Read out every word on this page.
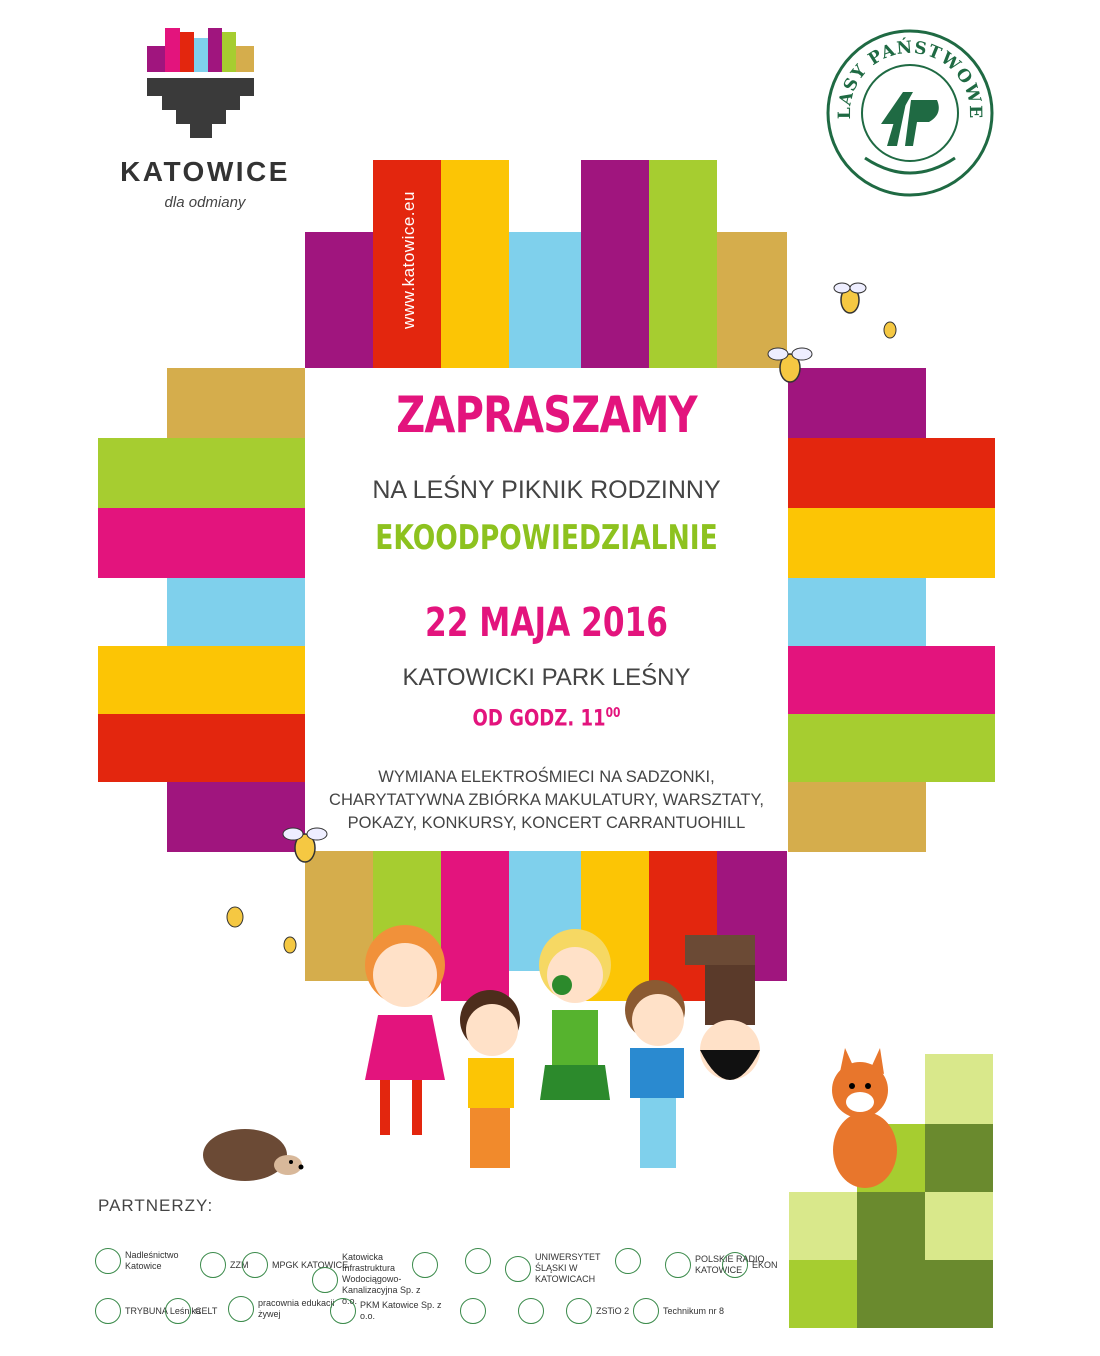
www.katowice.eu
ZAPRASZAMY
NA LEŚNY PIKNIK RODZINNY
EKOODPOWIEDZIALNIE
22 MAJA 2016
KATOWICKI PARK LEŚNY
OD GODZ. $11^{00}$
WYMIANA ELEKTROŚMIECI NA SADZONKI,
CHARYTATYWNA ZBIÓRKA MAKULATURY, WARSZTATY,
POKAZY, KONKURSY, KONCERT CARRANTUOHILL
KATOWICE
dla odmiany
LASY PAŃSTWOWE
PARTNERZY:
Nadleśnictwo Katowice	ZZM	MPGK KATOWICE
Katowicka Infrastruktura Wodociągowo-Kanalizacyjna Sp. z o.o.
UNIWERSYTET ŚLĄSKI W KATOWICACH
POLSKIE RADIO KATOWICE
EKON
TRYBUNA Leśnika
CELT
pracownia edukacji żywej
PKM Katowice Sp. z o.o.
ZSTiO 2	Technikum nr 8
